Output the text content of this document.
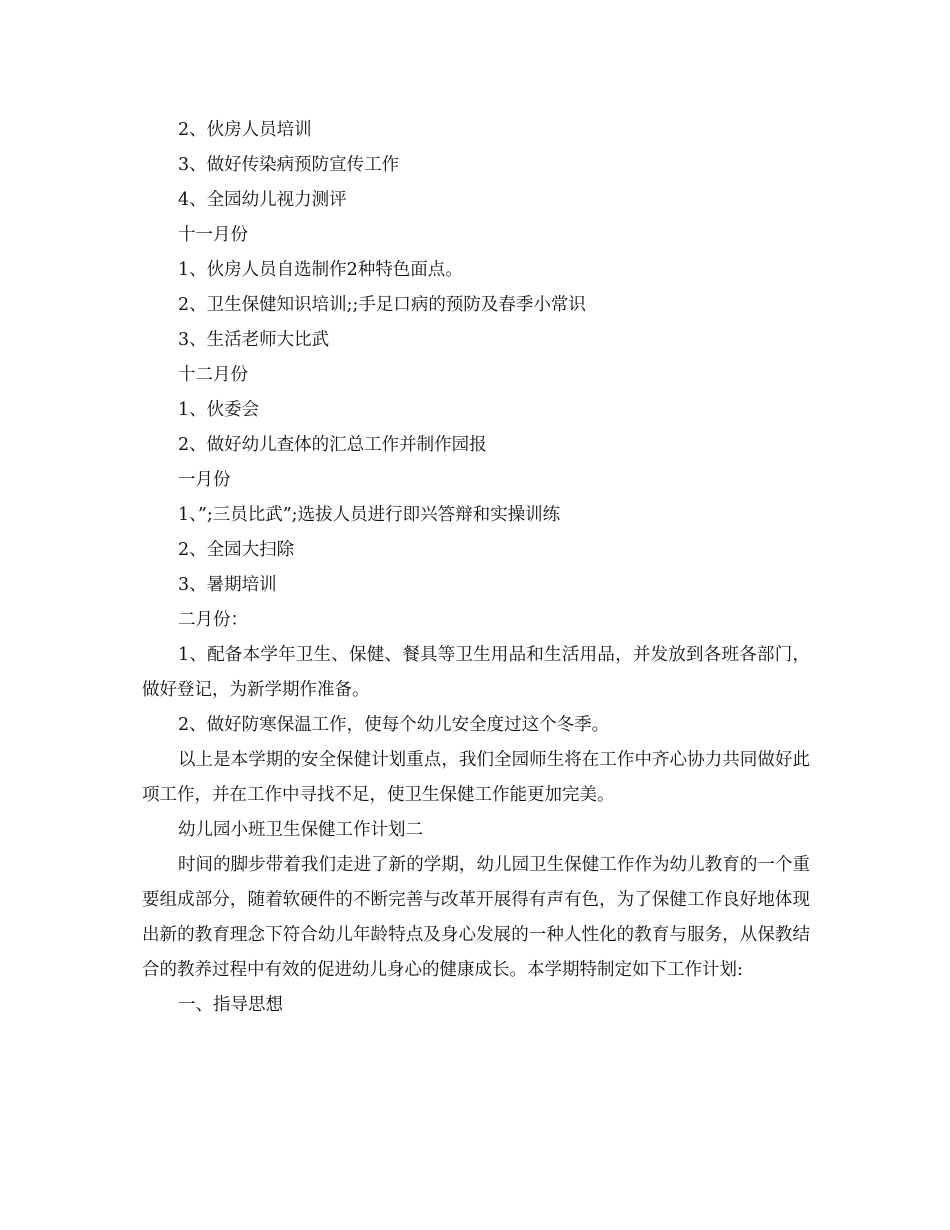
2、伙房人员培训
3、做好传染病预防宣传工作
4、全园幼儿视力测评
十一月份
1、伙房人员自选制作2种特色面点。
2、卫生保健知识培训;;手足口病的预防及春季小常识
3、生活老师大比武
十二月份
1、伙委会
2、做好幼儿查体的汇总工作并制作园报
一月份
1、”;三员比武”;选拔人员进行即兴答辩和实操训练
2、全园大扫除
3、暑期培训
二月份：

1、配备本学年卫生、保健、餐具等卫生用品和生活用品，并发放到各班各部门，做好登记，为新学期作准备。

2、做好防寒保温工作，使每个幼儿安全度过这个冬季。

以上是本学期的安全保健计划重点，我们全园师生将在工作中齐心协力共同做好此项工作，并在工作中寻找不足，使卫生保健工作能更加完美。

幼儿园小班卫生保健工作计划二

时间的脚步带着我们走进了新的学期，幼儿园卫生保健工作作为幼儿教育的一个重要组成部分，随着软硬件的不断完善与改革开展得有声有色，为了保健工作良好地体现出新的教育理念下符合幼儿年龄特点及身心发展的一种人性化的教育与服务，从保教结合的教养过程中有效的促进幼儿身心的健康成长。本学期特制定如下工作计划:

一、指导思想
